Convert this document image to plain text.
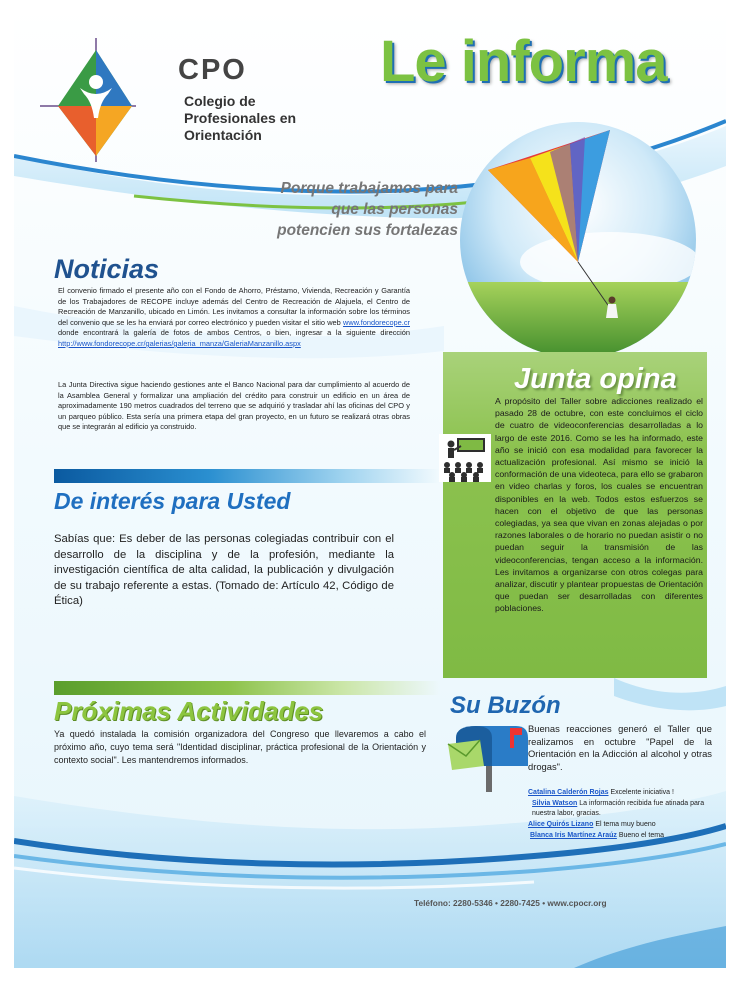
CPO
Colegio de Profesionales en Orientación
Le informa
Porque trabajamos para que las personas potencien sus fortalezas
Noticias
El convenio firmado el presente año con el Fondo de Ahorro, Préstamo, Vivienda, Recreación y Garantía de los Trabajadores de RECOPE incluye además del Centro de Recreación de Alajuela, el Centro de Recreación de Manzanillo, ubicado en Limón. Les invitamos a consultar la información sobre los términos del convenio que se les ha enviará por correo electrónico y pueden visitar el sitio web www.fondorecope.cr donde encontrará la galería de fotos de ambos Centros, o bien, ingresar a la siguiente dirección http://www.fondorecope.cr/galerias/galeria_manza/GaleriaManzanillo.aspx
La Junta Directiva sigue haciendo gestiones ante el Banco Nacional para dar cumplimiento al acuerdo de la Asamblea General y formalizar una ampliación del crédito para construir un edificio en un área de aproximadamente 190 metros cuadrados del terreno que se adquirió y trasladar ahí las oficinas del CPO y un parqueo público. Esta sería una primera etapa del gran proyecto, en un futuro se realizará otras obras que se integrarán al edificio ya construido.
De interés para Usted
Sabías que: Es deber de las personas colegiadas contribuir con el desarrollo de la disciplina y de la profesión, mediante la investigación científica de alta calidad, la publicación y divulgación de su trabajo referente a estas. (Tomado de: Artículo 42, Código de Ética)
Próximas Actividades
Ya quedó instalada la comisión organizadora del Congreso que llevaremos a cabo el próximo año, cuyo tema será "Identidad disciplinar, práctica profesional de la Orientación y contexto social". Les mantendremos informados.
Junta opina
A propósito del Taller sobre adicciones realizado el pasado 28 de octubre, con este concluimos el ciclo de cuatro de videoconferencias desarrolladas a lo largo de este 2016. Como se les ha informado, este año se inició con esa modalidad para favorecer la actualización profesional. Así mismo se inició la conformación de una videoteca, para ello se grabaron en video charlas y foros, los cuales se encuentran disponibles en la web. Todos estos esfuerzos se hacen con el objetivo de que las personas colegiadas, ya sea que vivan en zonas alejadas o por razones laborales o de horario no puedan asistir o no puedan seguir la transmisión de las videoconferencias, tengan acceso a la información. Les invitamos a organizarse con otros colegas para analizar, discutir y plantear propuestas de Orientación que puedan ser desarrolladas con diferentes poblaciones.
Su Buzón
Buenas reacciones generó el Taller que realizamos en octubre "Papel de la Orientación en la Adicción al alcohol y otras drogas".
Catalina Calderón Rojas Excelente iniciativa !
Silvia Watson La información recibida fue atinada para nuestra labor, gracias.
Alice Quirós Lizano El tema muy bueno
Blanca Iris Martínez Araúz Bueno el tema
Teléfono: 2280-5346 • 2280-7425 • www.cpocr.org
